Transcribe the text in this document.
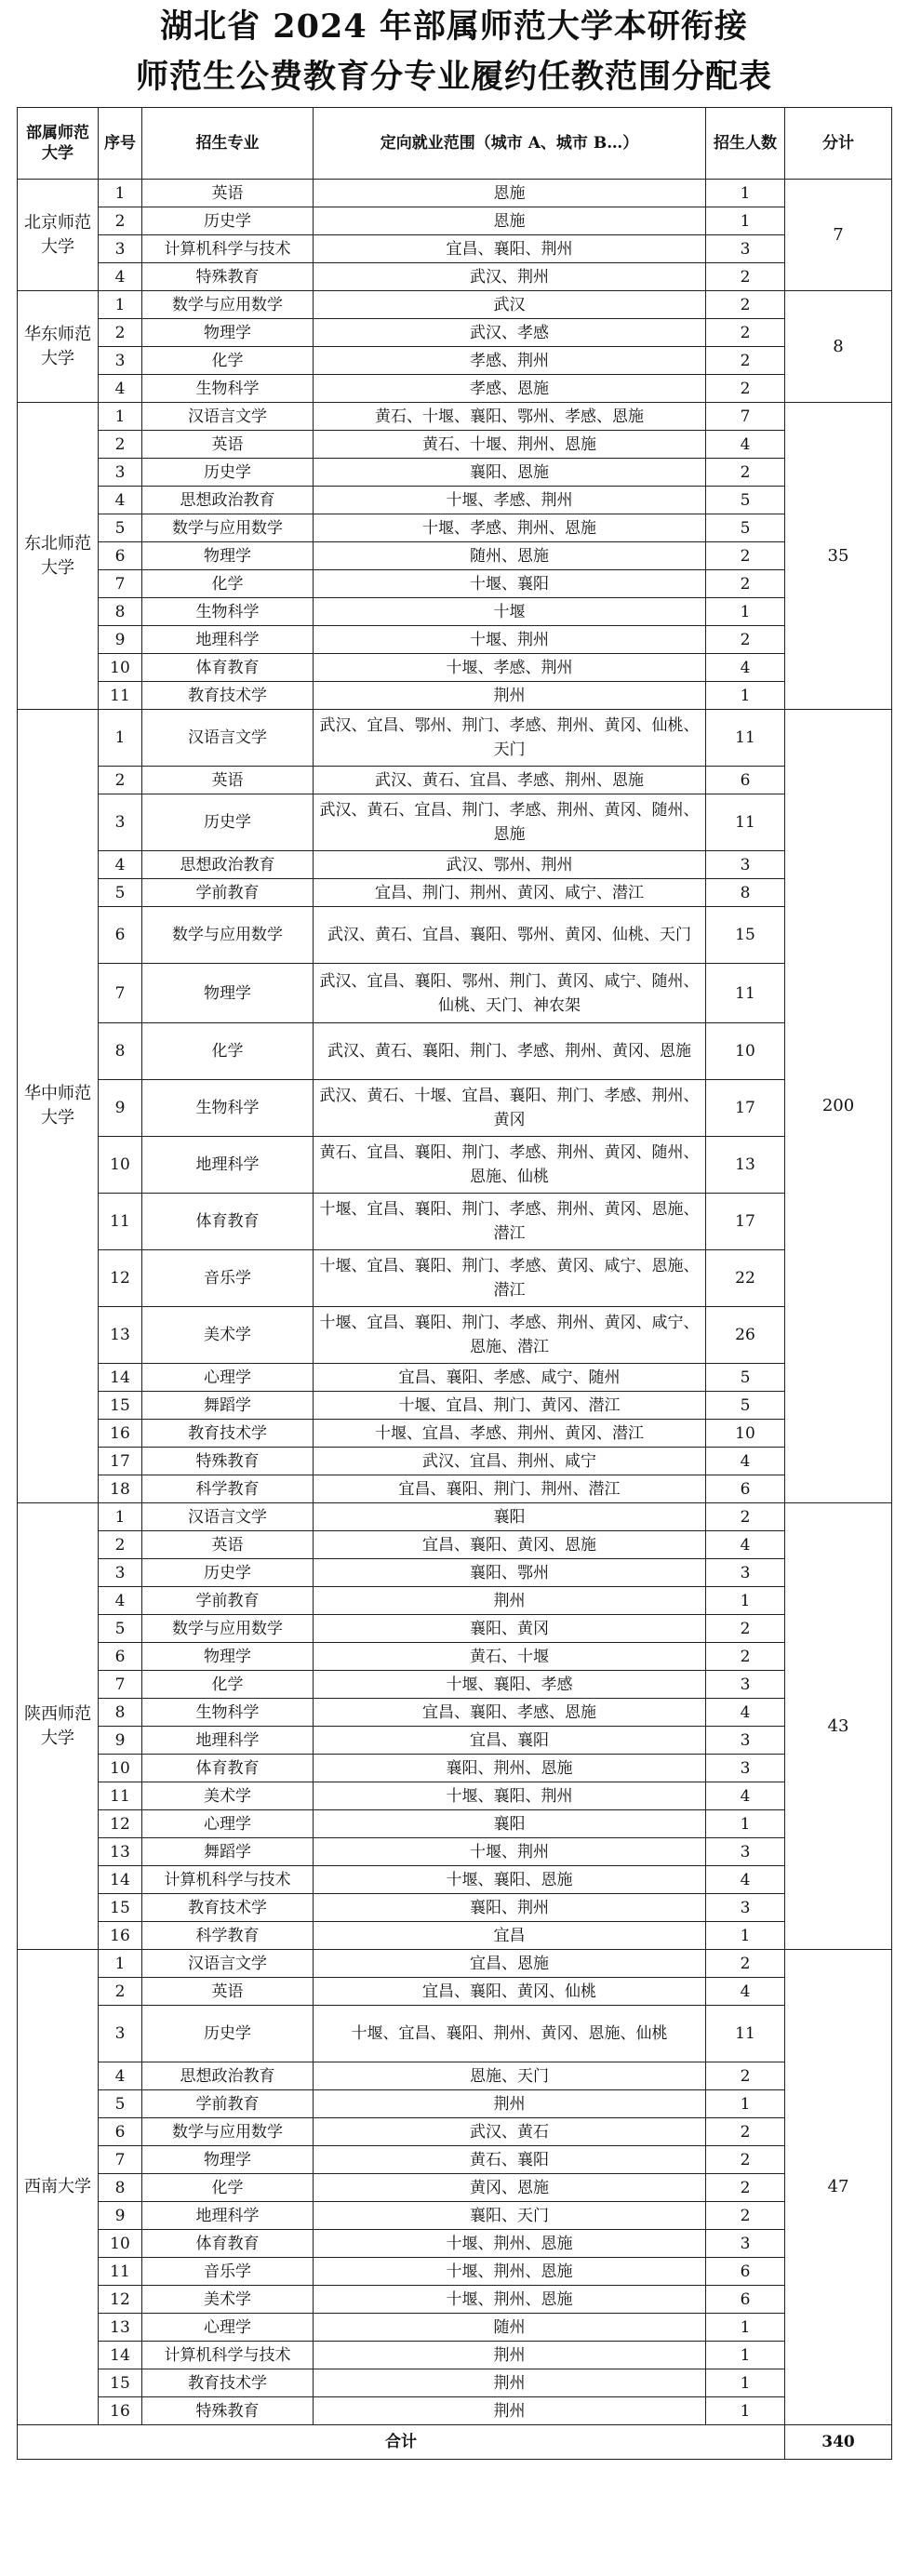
湖北省 2024 年部属师范大学本研衔接
师范生公费教育分专业履约任教范围分配表
部属师范大学	序号	招生专业	定向就业范围（城市 A、城市 B…）	招生人数	分计
北京师范大学	1	英语	恩施	1	7
	2	历史学	恩施	1	
	3	计算机科学与技术	宜昌、襄阳、荆州	3	
	4	特殊教育	武汉、荆州	2	
华东师范大学	1	数学与应用数学	武汉	2	8
	2	物理学	武汉、孝感	2	
	3	化学	孝感、荆州	2	
	4	生物科学	孝感、恩施	2	
东北师范大学	1	汉语言文学	黄石、十堰、襄阳、鄂州、孝感、恩施	7	35
	2	英语	黄石、十堰、荆州、恩施	4	
	3	历史学	襄阳、恩施	2	
	4	思想政治教育	十堰、孝感、荆州	5	
	5	数学与应用数学	十堰、孝感、荆州、恩施	5	
	6	物理学	随州、恩施	2	
	7	化学	十堰、襄阳	2	
	8	生物科学	十堰	1	
	9	地理科学	十堰、荆州	2	
	10	体育教育	十堰、孝感、荆州	4	
	11	教育技术学	荆州	1	
华中师范大学	1	汉语言文学	武汉、宜昌、鄂州、荆门、孝感、荆州、黄冈、仙桃、天门	11	200
	2	英语	武汉、黄石、宜昌、孝感、荆州、恩施	6	
	3	历史学	武汉、黄石、宜昌、荆门、孝感、荆州、黄冈、随州、恩施	11	
	4	思想政治教育	武汉、鄂州、荆州	3	
	5	学前教育	宜昌、荆门、荆州、黄冈、咸宁、潜江	8	
	6	数学与应用数学	武汉、黄石、宜昌、襄阳、鄂州、黄冈、仙桃、天门	15	
	7	物理学	武汉、宜昌、襄阳、鄂州、荆门、黄冈、咸宁、随州、仙桃、天门、神农架	11	
	8	化学	武汉、黄石、襄阳、荆门、孝感、荆州、黄冈、恩施	10	
	9	生物科学	武汉、黄石、十堰、宜昌、襄阳、荆门、孝感、荆州、黄冈	17	
	10	地理科学	黄石、宜昌、襄阳、荆门、孝感、荆州、黄冈、随州、恩施、仙桃	13	
	11	体育教育	十堰、宜昌、襄阳、荆门、孝感、荆州、黄冈、恩施、潜江	17	
	12	音乐学	十堰、宜昌、襄阳、荆门、孝感、黄冈、咸宁、恩施、潜江	22	
	13	美术学	十堰、宜昌、襄阳、荆门、孝感、荆州、黄冈、咸宁、恩施、潜江	26	
	14	心理学	宜昌、襄阳、孝感、咸宁、随州	5	
	15	舞蹈学	十堰、宜昌、荆门、黄冈、潜江	5	
	16	教育技术学	十堰、宜昌、孝感、荆州、黄冈、潜江	10	
	17	特殊教育	武汉、宜昌、荆州、咸宁	4	
	18	科学教育	宜昌、襄阳、荆门、荆州、潜江	6	
陕西师范大学	1	汉语言文学	襄阳	2	43
	2	英语	宜昌、襄阳、黄冈、恩施	4	
	3	历史学	襄阳、鄂州	3	
	4	学前教育	荆州	1	
	5	数学与应用数学	襄阳、黄冈	2	
	6	物理学	黄石、十堰	2	
	7	化学	十堰、襄阳、孝感	3	
	8	生物科学	宜昌、襄阳、孝感、恩施	4	
	9	地理科学	宜昌、襄阳	3	
	10	体育教育	襄阳、荆州、恩施	3	
	11	美术学	十堰、襄阳、荆州	4	
	12	心理学	襄阳	1	
	13	舞蹈学	十堰、荆州	3	
	14	计算机科学与技术	十堰、襄阳、恩施	4	
	15	教育技术学	襄阳、荆州	3	
	16	科学教育	宜昌	1	
西南大学	1	汉语言文学	宜昌、恩施	2	47
	2	英语	宜昌、襄阳、黄冈、仙桃	4	
	3	历史学	十堰、宜昌、襄阳、荆州、黄冈、恩施、仙桃	11	
	4	思想政治教育	恩施、天门	2	
	5	学前教育	荆州	1	
	6	数学与应用数学	武汉、黄石	2	
	7	物理学	黄石、襄阳	2	
	8	化学	黄冈、恩施	2	
	9	地理科学	襄阳、天门	2	
	10	体育教育	十堰、荆州、恩施	3	
	11	音乐学	十堰、荆州、恩施	6	
	12	美术学	十堰、荆州、恩施	6	
	13	心理学	随州	1	
	14	计算机科学与技术	荆州	1	
	15	教育技术学	荆州	1	
	16	特殊教育	荆州	1	
合计					340
